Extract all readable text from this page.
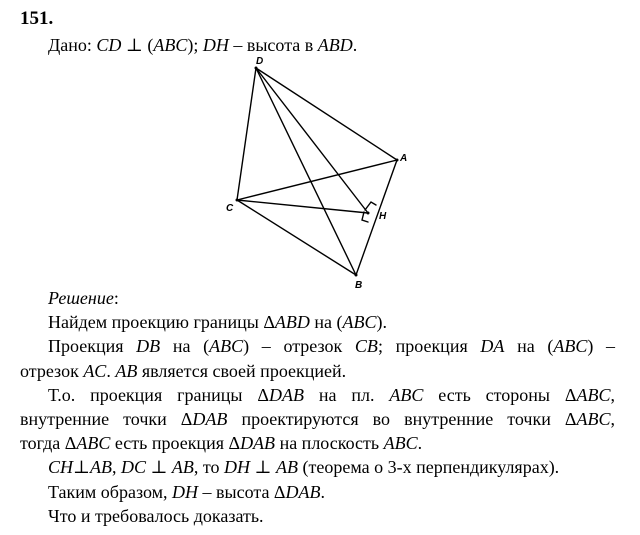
151.
Дано: CD ⊥ (ABC); DH – высота в ABD.
D
A
C
H
B

Решение:

Найдем проекцию границы ΔABD на (ABC).

Проекция DB на (ABC) – отрезок CB; проекция DA на (ABC) –

отрезок AC. AB является своей проекцией.

Т.о. проекция границы ΔDAB на пл. ABC есть стороны ΔABC,

внутренние точки ΔDAB проектируются во внутренние точки ΔABC,

тогда ΔABC есть проекция ΔDAB на плоскость ABC.

CH⊥AB, DC ⊥ AB, то DH ⊥ AB (теорема о 3-х перпендикулярах).

Таким образом, DH – высота ΔDAB.

Что и требовалось доказать.
